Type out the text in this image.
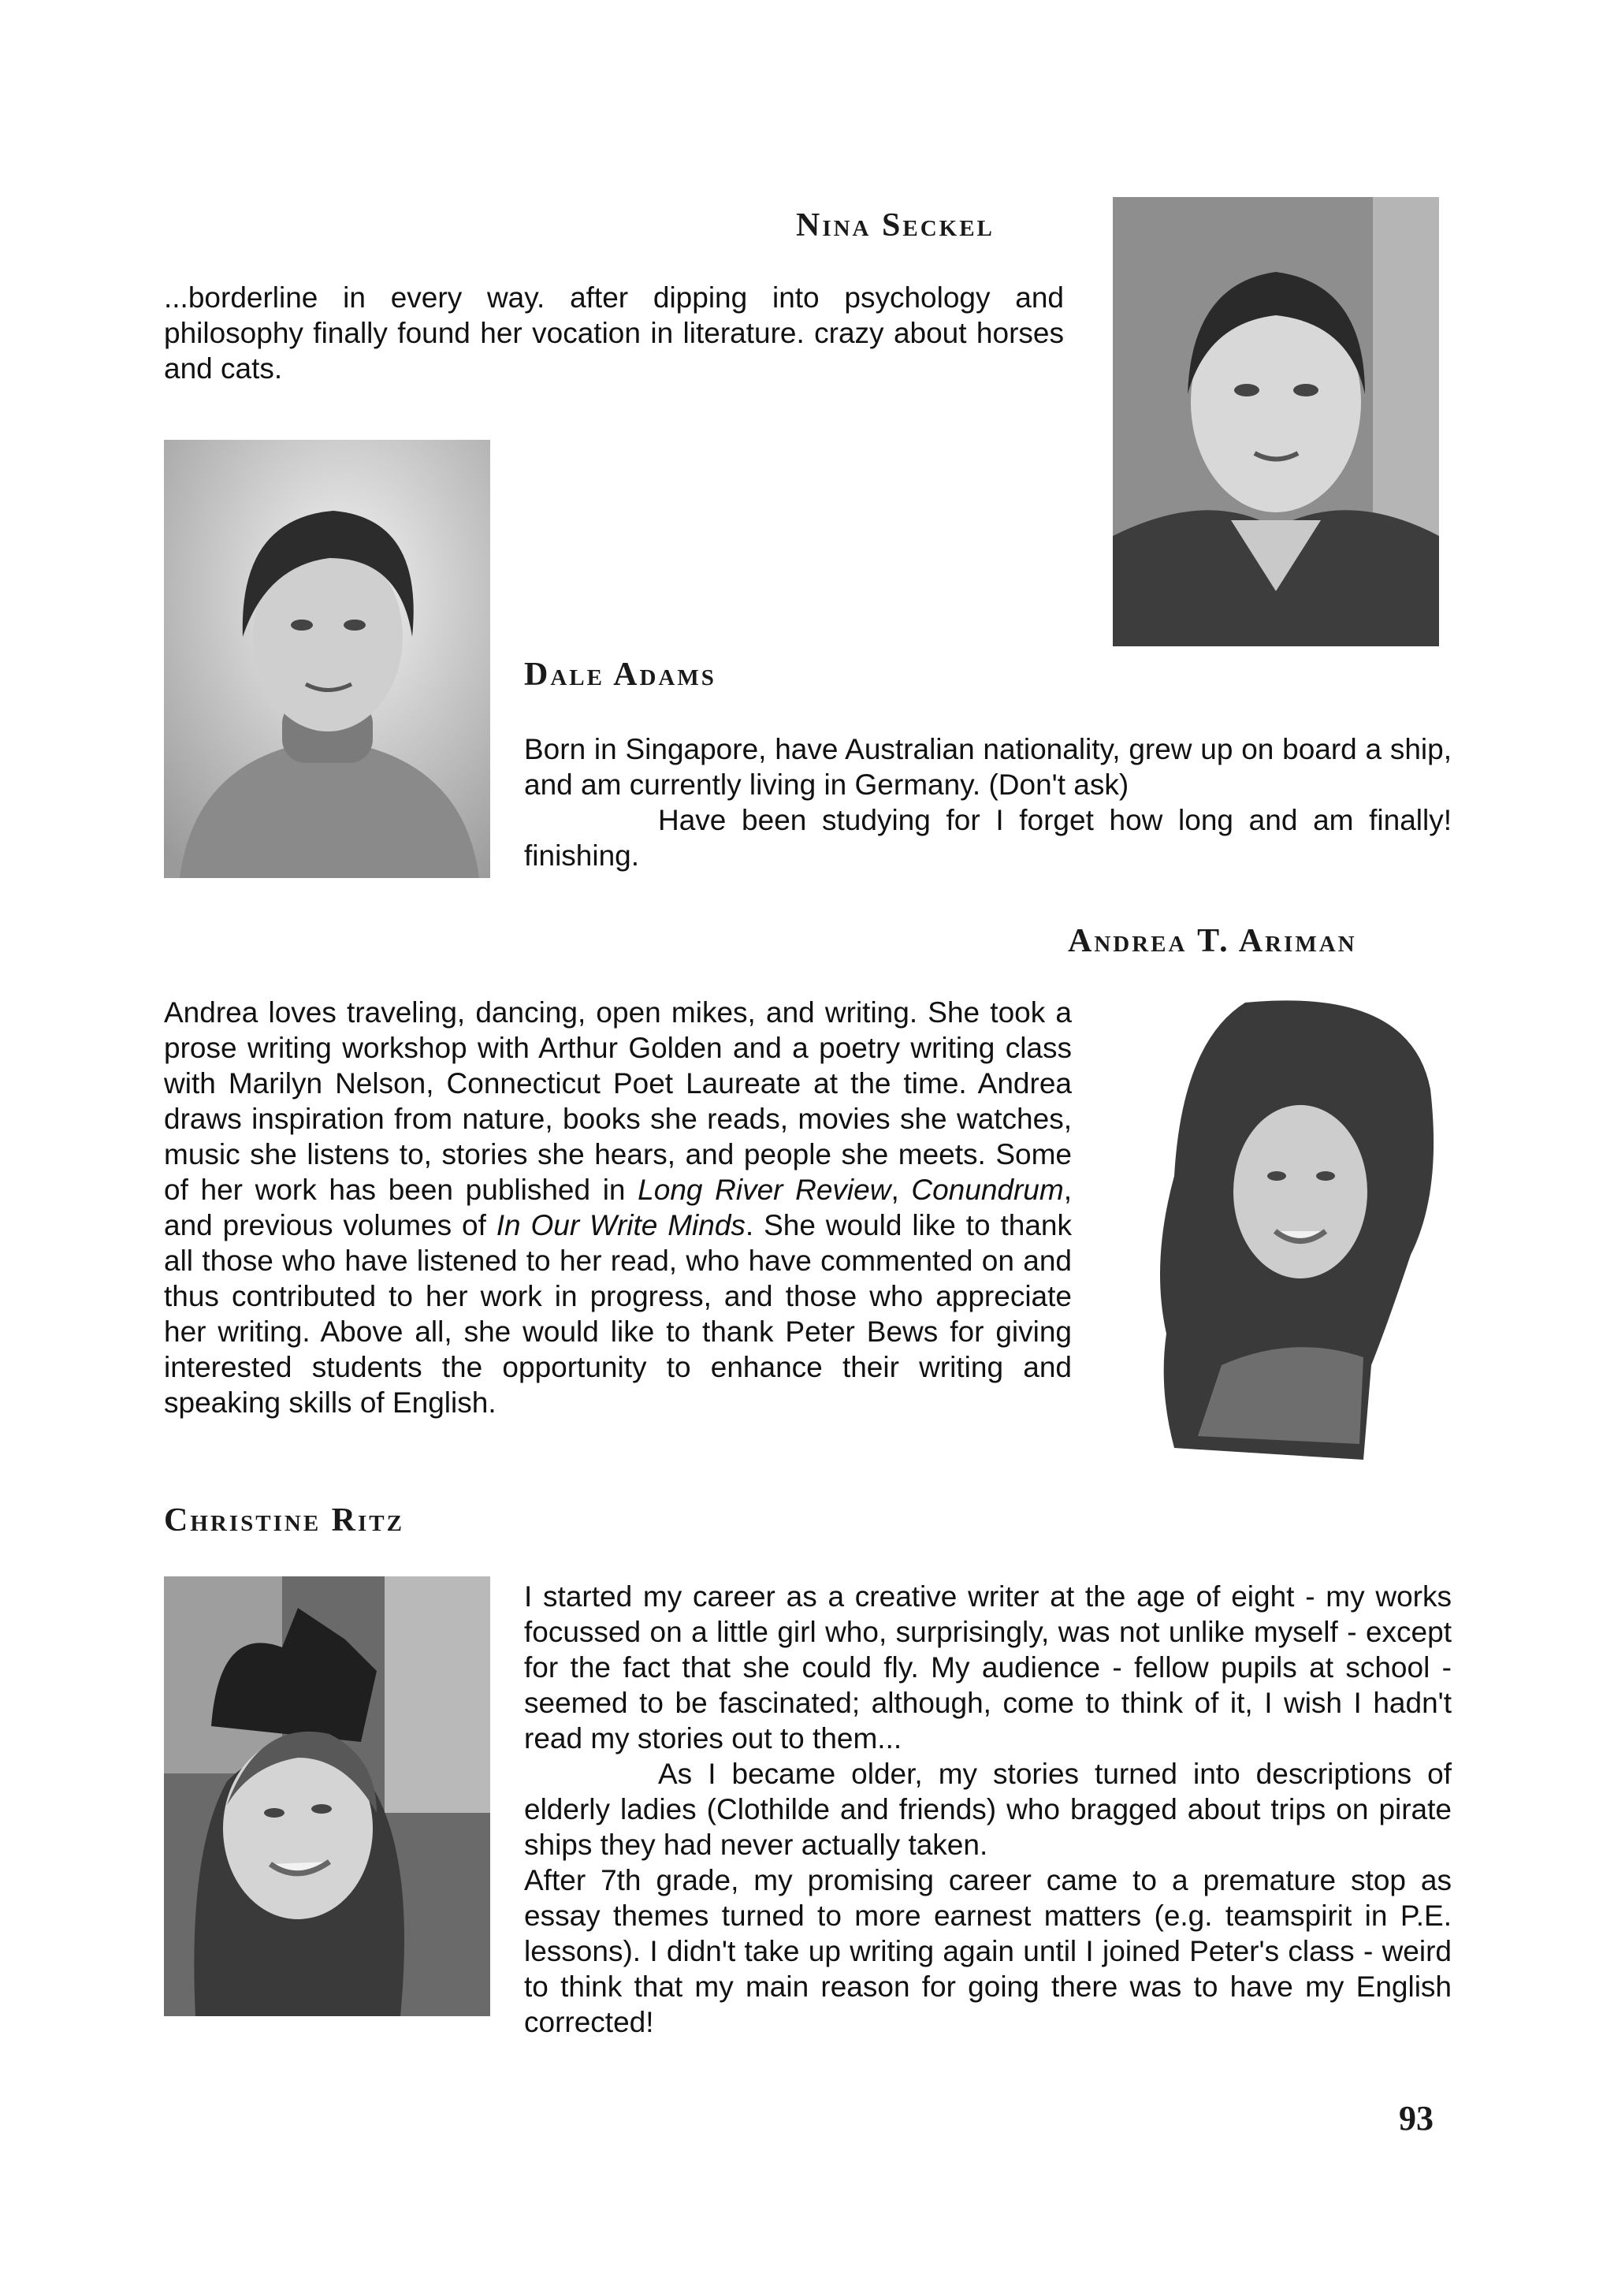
Nina Seckel

...borderline in every way. after dipping into psychology and philosophy finally found her vocation in literature. crazy about horses and cats.

Dale Adams

Born in Singapore, have Australian nationality, grew up on board a ship, and am currently living in Germany. (Don't ask)

Have been studying for I forget how long and am finally! finishing.

Andrea T. Ariman

Andrea loves traveling, dancing, open mikes, and writing. She took a prose writing workshop with Arthur Golden and a poetry writing class with Marilyn Nelson, Connecticut Poet Laureate at the time. Andrea draws inspiration from nature, books she reads, movies she watches, music she listens to, stories she hears, and people she meets. Some of her work has been published in Long River Review, Conundrum, and previous volumes of In Our Write Minds. She would like to thank all those who have listened to her read, who have commented on and thus contributed to her work in progress, and those who appreciate her writing. Above all, she would like to thank Peter Bews for giving interested students the opportunity to enhance their writing and speaking skills of English.

Christine Ritz

I started my career as a creative writer at the age of eight - my works focussed on a little girl who, surprisingly, was not unlike myself - except for the fact that she could fly. My audience - fellow pupils at school - seemed to be fascinated; although, come to think of it, I wish I hadn't read my stories out to them...

As I became older, my stories turned into descriptions of elderly ladies (Clothilde and friends) who bragged about trips on pirate ships they had never actually taken.

After 7th grade, my promising career came to a premature stop as essay themes turned to more earnest matters (e.g. teamspirit in P.E. lessons). I didn't take up writing again until I joined Peter's class - weird to think that my main reason for going there was to have my English corrected!

93
